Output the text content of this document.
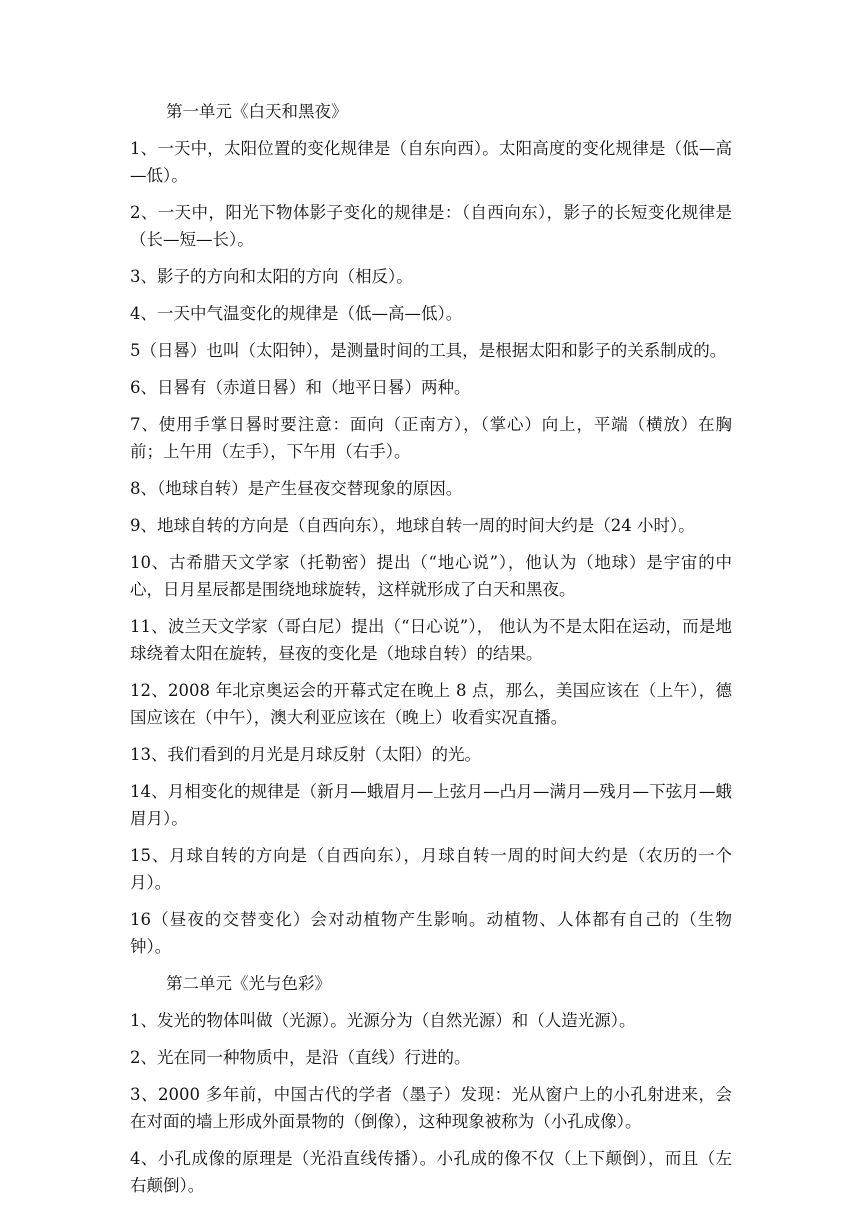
第一单元《白天和黑夜》

1、一天中，太阳位置的变化规律是（自东向西）。太阳高度的变化规律是（低—高—低）。

2、一天中，阳光下物体影子变化的规律是：（自西向东），影子的长短变化规律是（长—短—长）。

3、影子的方向和太阳的方向（相反）。

4、一天中气温变化的规律是（低—高—低）。

5（日晷）也叫（太阳钟），是测量时间的工具，是根据太阳和影子的关系制成的。

6、日晷有（赤道日晷）和（地平日晷）两种。

7、使用手掌日晷时要注意：面向（正南方），（掌心）向上，平端（横放）在胸前；上午用（左手），下午用（右手）。

8、（地球自转）是产生昼夜交替现象的原因。

9、地球自转的方向是（自西向东），地球自转一周的时间大约是（24 小时）。

10、古希腊天文学家（托勒密）提出（“地心说”），他认为（地球）是宇宙的中心，日月星辰都是围绕地球旋转，这样就形成了白天和黑夜。

11、波兰天文学家（哥白尼）提出（“日心说”）， 他认为不是太阳在运动，而是地球绕着太阳在旋转，昼夜的变化是（地球自转）的结果。

12、2008 年北京奥运会的开幕式定在晚上 8 点，那么，美国应该在（上午），德国应该在（中午），澳大利亚应该在（晚上）收看实况直播。

13、我们看到的月光是月球反射（太阳）的光。

14、月相变化的规律是（新月—蛾眉月—上弦月—凸月—满月—残月—下弦月—蛾眉月）。

15、月球自转的方向是（自西向东），月球自转一周的时间大约是（农历的一个月）。

16（昼夜的交替变化）会对动植物产生影响。动植物、人体都有自己的（生物钟）。

第二单元《光与色彩》

1、发光的物体叫做（光源）。光源分为（自然光源）和（人造光源）。

2、光在同一种物质中，是沿（直线）行进的。

3、2000 多年前，中国古代的学者（墨子）发现：光从窗户上的小孔射进来，会在对面的墙上形成外面景物的（倒像），这种现象被称为（小孔成像）。

4、小孔成像的原理是（光沿直线传播）。小孔成的像不仅（上下颠倒），而且（左右颠倒）。
